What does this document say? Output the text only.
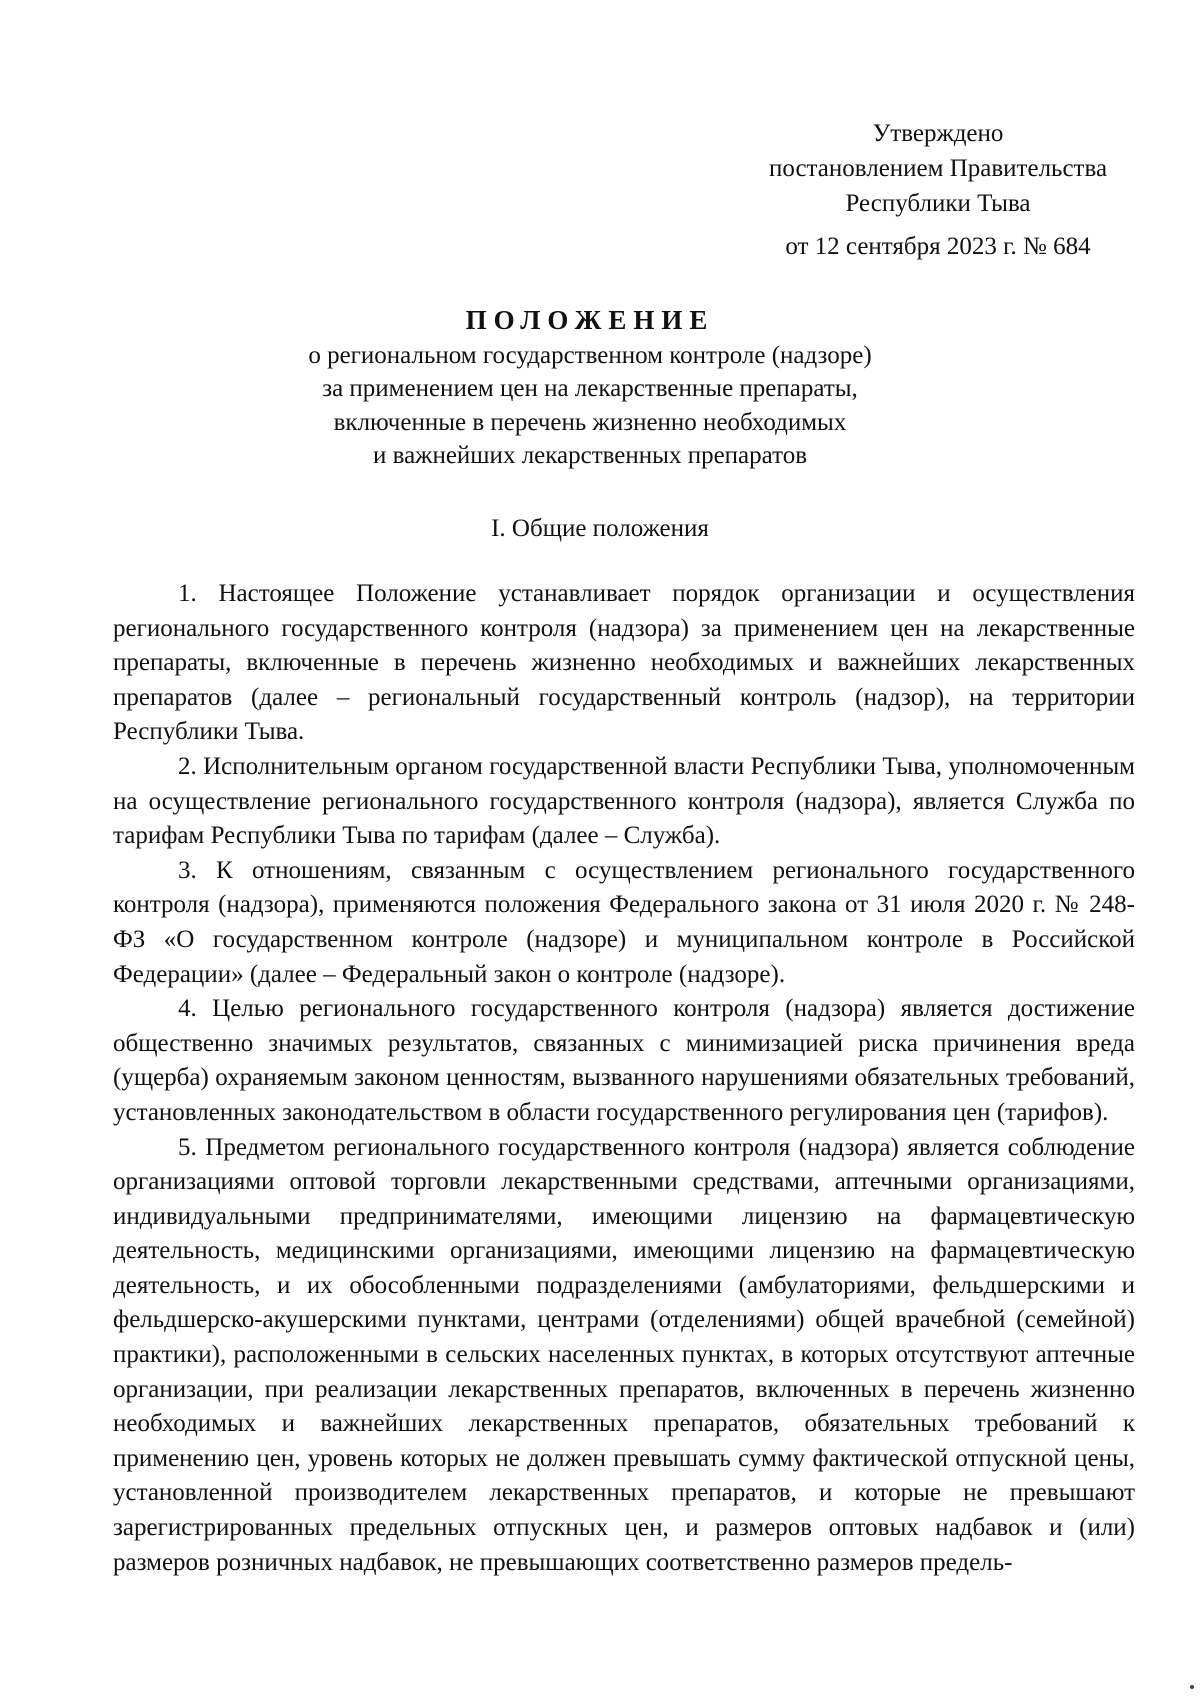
Утверждено
постановлением Правительства
Республики Тыва
от 12 сентября 2023 г. № 684
ПОЛОЖЕНИЕ
о региональном государственном контроле (надзоре)
за применением цен на лекарственные препараты,
включенные в перечень жизненно необходимых
и важнейших лекарственных препаратов
I. Общие положения

1. Настоящее Положение устанавливает порядок организации и осуществления регионального государственного контроля (надзора) за применением цен на лекарственные препараты, включенные в перечень жизненно необходимых и важнейших лекарственных препаратов (далее – региональный государственный контроль (надзор), на территории Республики Тыва.

2. Исполнительным органом государственной власти Республики Тыва, уполномоченным на осуществление регионального государственного контроля (надзора), является Служба по тарифам Республики Тыва по тарифам (далее – Служба).

3. К отношениям, связанным с осуществлением регионального государственного контроля (надзора), применяются положения Федерального закона от 31 июля 2020 г. № 248-ФЗ «О государственном контроле (надзоре) и муниципальном контроле в Российской Федерации» (далее – Федеральный закон о контроле (надзоре).

4. Целью регионального государственного контроля (надзора) является достижение общественно значимых результатов, связанных с минимизацией риска причинения вреда (ущерба) охраняемым законом ценностям, вызванного нарушениями обязательных требований, установленных законодательством в области государственного регулирования цен (тарифов).

5. Предметом регионального государственного контроля (надзора) является соблюдение организациями оптовой торговли лекарственными средствами, аптечными организациями, индивидуальными предпринимателями, имеющими лицензию на фармацевтическую деятельность, медицинскими организациями, имеющими лицензию на фармацевтическую деятельность, и их обособленными подразделениями (амбулаториями, фельдшерскими и фельдшерско-акушерскими пунктами, центрами (отделениями) общей врачебной (семейной) практики), расположенными в сельских населенных пунктах, в которых отсутствуют аптечные организации, при реализации лекарственных препаратов, включенных в перечень жизненно необходимых и важнейших лекарственных препаратов, обязательных требований к применению цен, уровень которых не должен превышать сумму фактической отпускной цены, установленной производителем лекарственных препаратов, и которые не превышают зарегистрированных предельных отпускных цен, и размеров оптовых надбавок и (или) размеров розничных надбавок, не превышающих соответственно размеров предель-
